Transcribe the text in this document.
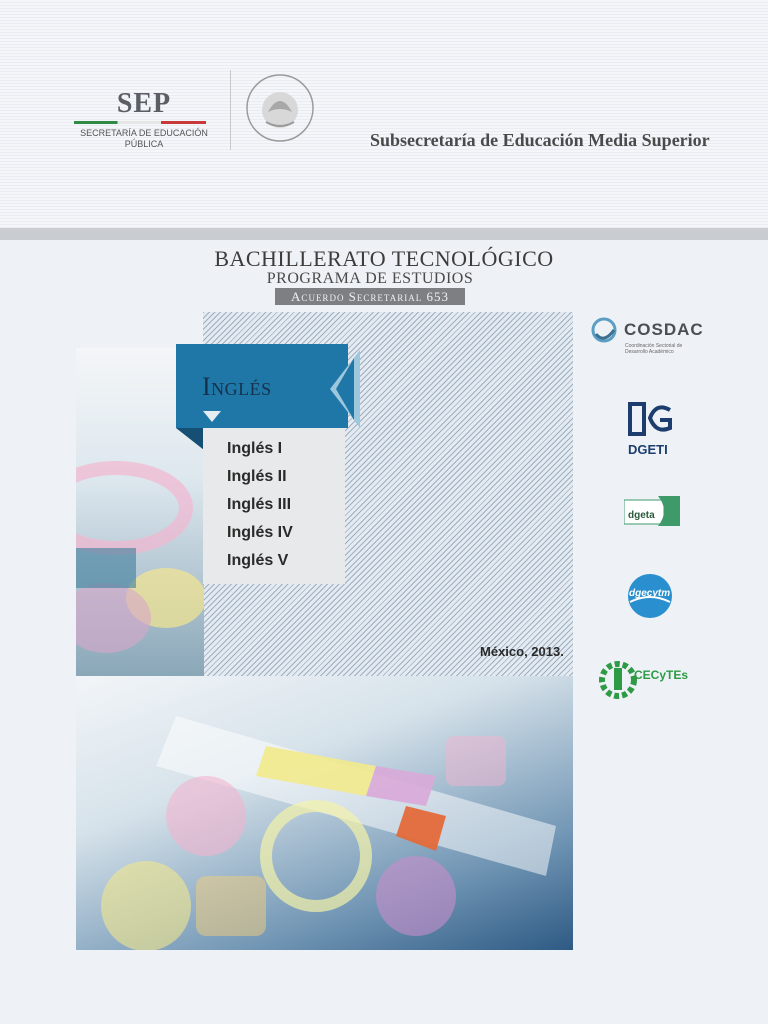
SEP
SECRETARÍA DE EDUCACIÓN PÚBLICA	Subsecretaría de Educación Media Superior
BACHILLERATO TECNOLÓGICO
PROGRAMA DE ESTUDIOS
Acuerdo Secretarial 653
Inglés
Inglés I
Inglés II
Inglés III
Inglés IV
Inglés V
México, 2013.
COSDAC
Coordinación Sectorial de Desarrollo Académico
DGETI
dgeta
dgecytm
CECyTEs
